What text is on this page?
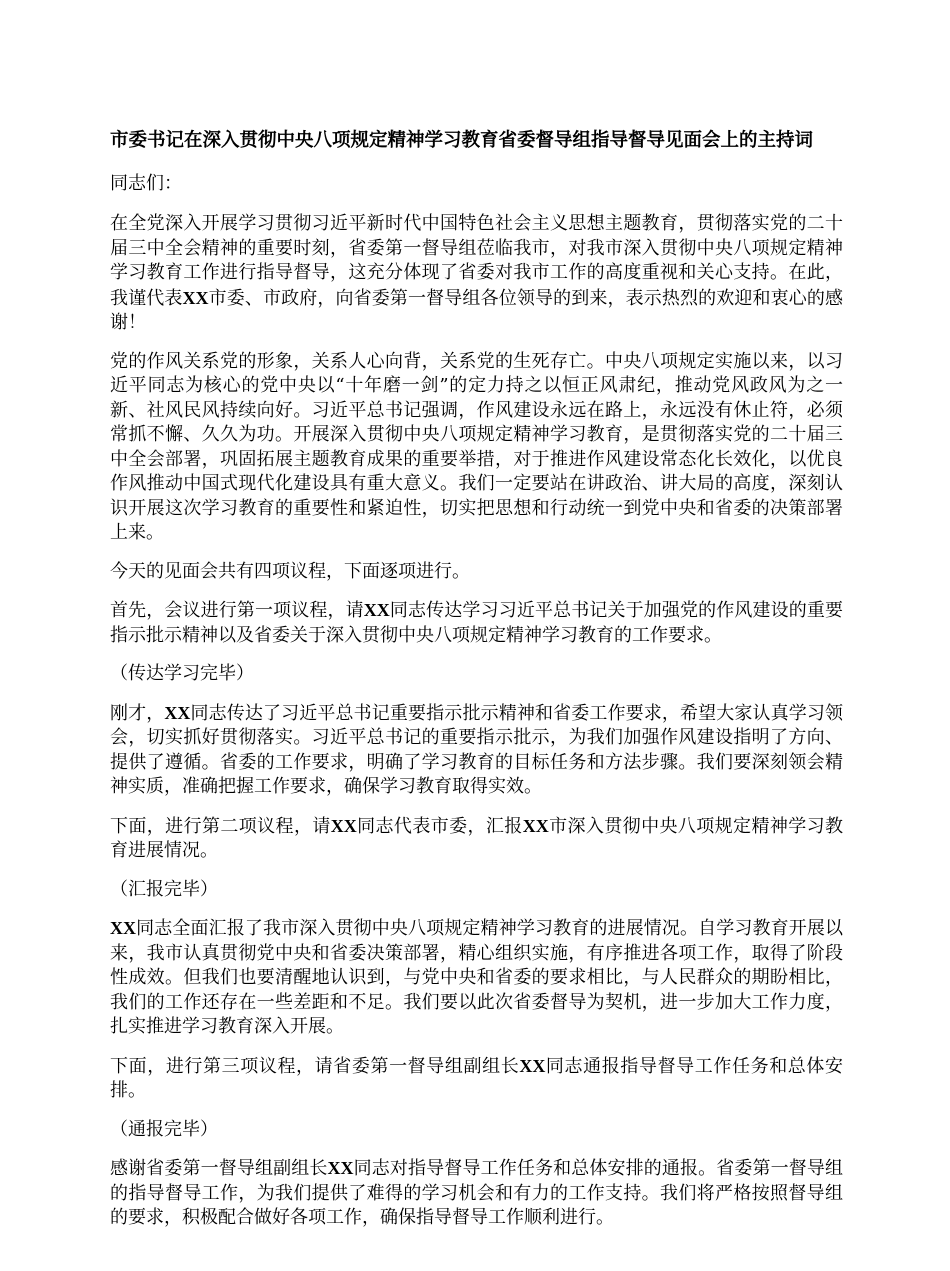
市委书记在深入贯彻中央八项规定精神学习教育省委督导组指导督导见面会上的主持词

同志们：

在全党深入开展学习贯彻习近平新时代中国特色社会主义思想主题教育，贯彻落实党的二十届三中全会精神的重要时刻，省委第一督导组莅临我市，对我市深入贯彻中央八项规定精神学习教育工作进行指导督导，这充分体现了省委对我市工作的高度重视和关心支持。在此，我谨代表XX市委、市政府，向省委第一督导组各位领导的到来，表示热烈的欢迎和衷心的感谢！

党的作风关系党的形象，关系人心向背，关系党的生死存亡。中央八项规定实施以来，以习近平同志为核心的党中央以“十年磨一剑”的定力持之以恒正风肃纪，推动党风政风为之一新、社风民风持续向好。习近平总书记强调，作风建设永远在路上，永远没有休止符，必须常抓不懈、久久为功。开展深入贯彻中央八项规定精神学习教育，是贯彻落实党的二十届三中全会部署，巩固拓展主题教育成果的重要举措，对于推进作风建设常态化长效化，以优良作风推动中国式现代化建设具有重大意义。我们一定要站在讲政治、讲大局的高度，深刻认识开展这次学习教育的重要性和紧迫性，切实把思想和行动统一到党中央和省委的决策部署上来。

今天的见面会共有四项议程，下面逐项进行。

首先，会议进行第一项议程，请XX同志传达学习习近平总书记关于加强党的作风建设的重要指示批示精神以及省委关于深入贯彻中央八项规定精神学习教育的工作要求。

（传达学习完毕）

刚才，XX同志传达了习近平总书记重要指示批示精神和省委工作要求，希望大家认真学习领会，切实抓好贯彻落实。习近平总书记的重要指示批示，为我们加强作风建设指明了方向、提供了遵循。省委的工作要求，明确了学习教育的目标任务和方法步骤。我们要深刻领会精神实质，准确把握工作要求，确保学习教育取得实效。

下面，进行第二项议程，请XX同志代表市委，汇报XX市深入贯彻中央八项规定精神学习教育进展情况。

（汇报完毕）

XX同志全面汇报了我市深入贯彻中央八项规定精神学习教育的进展情况。自学习教育开展以来，我市认真贯彻党中央和省委决策部署，精心组织实施，有序推进各项工作，取得了阶段性成效。但我们也要清醒地认识到，与党中央和省委的要求相比，与人民群众的期盼相比，我们的工作还存在一些差距和不足。我们要以此次省委督导为契机，进一步加大工作力度，扎实推进学习教育深入开展。

下面，进行第三项议程，请省委第一督导组副组长XX同志通报指导督导工作任务和总体安排。

（通报完毕）

感谢省委第一督导组副组长XX同志对指导督导工作任务和总体安排的通报。省委第一督导组的指导督导工作，为我们提供了难得的学习机会和有力的工作支持。我们将严格按照督导组的要求，积极配合做好各项工作，确保指导督导工作顺利进行。
